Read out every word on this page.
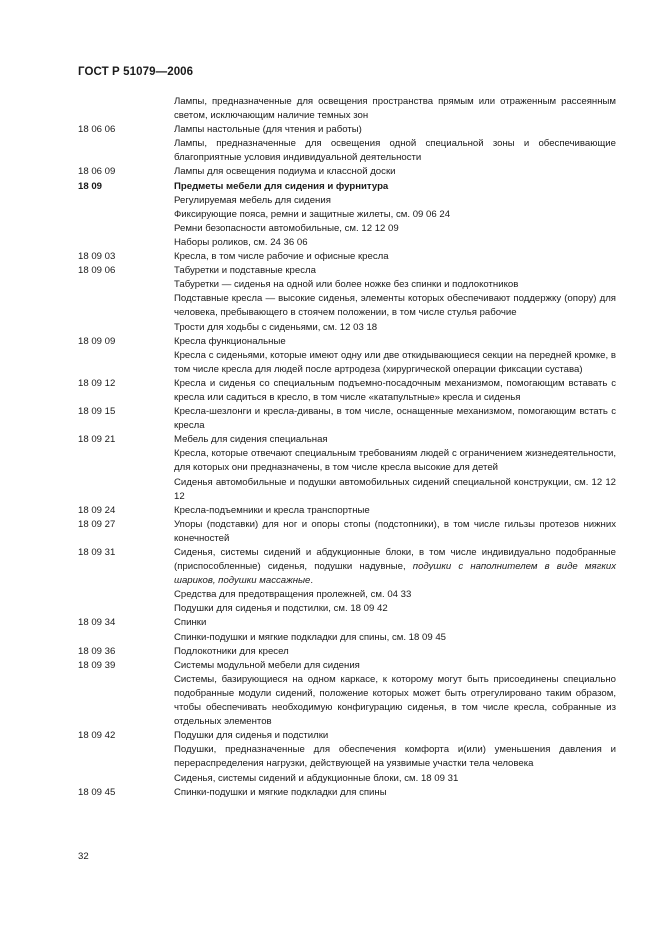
ГОСТ Р 51079—2006
Лампы, предназначенные для освещения пространства прямым или отраженным рассеянным светом, исключающим наличие темных зон
18 06 06	Лампы настольные (для чтения и работы)
Лампы, предназначенные для освещения одной специальной зоны и обеспечивающие благоприятные условия индивидуальной деятельности
18 06 09	Лампы для освещения подиума и классной доски
18 09	Предметы мебели для сидения и фурнитура
Регулируемая мебель для сидения
Фиксирующие пояса, ремни и защитные жилеты, см. 09 06 24
Ремни безопасности автомобильные, см. 12 12 09
Наборы роликов, см. 24 36 06
18 09 03	Кресла, в том числе рабочие и офисные кресла
18 09 06	Табуретки и подставные кресла
Табуретки — сиденья на одной или более ножке без спинки и подлокотников
Подставные кресла — высокие сиденья, элементы которых обеспечивают поддержку (опору) для человека, пребывающего в стоячем положении, в том числе стулья рабочие
Трости для ходьбы с сиденьями, см. 12 03 18
18 09 09	Кресла функциональные
Кресла с сиденьями, которые имеют одну или две откидывающиеся секции на передней кромке, в том числе кресла для людей после артродеза (хирургической операции фиксации сустава)
18 09 12	Кресла и сиденья со специальным подъемно-посадочным механизмом, помогающим вставать с кресла или садиться в кресло, в том числе «катапультные» кресла и сиденья
18 09 15	Кресла-шезлонги и кресла-диваны, в том числе, оснащенные механизмом, помогающим встать с кресла
18 09 21	Мебель для сидения специальная
Кресла, которые отвечают специальным требованиям людей с ограничением жизнедеятельности, для которых они предназначены, в том числе кресла высокие для детей
Сиденья автомобильные и подушки автомобильных сидений специальной конструкции, см. 12 12 12
18 09 24	Кресла-подъемники и кресла транспортные
18 09 27	Упоры (подставки) для ног и опоры стопы (подстопники), в том числе гильзы протезов нижних конечностей
18 09 31	Сиденья, системы сидений и абдукционные блоки, в том числе индивидуально подобранные (приспособленные) сиденья, подушки надувные, подушки с наполнителем в виде мягких шариков, подушки массажные.
Средства для предотвращения пролежней, см. 04 33
Подушки для сиденья и подстилки, см. 18 09 42
18 09 34	Спинки
Спинки-подушки и мягкие подкладки для спины, см. 18 09 45
18 09 36	Подлокотники для кресел
18 09 39	Системы модульной мебели для сидения
Системы, базирующиеся на одном каркасе, к которому могут быть присоединены специально подобранные модули сидений, положение которых может быть отрегулировано таким образом, чтобы обеспечивать необходимую конфигурацию сиденья, в том числе кресла, собранные из отдельных элементов
18 09 42	Подушки для сиденья и подстилки
Подушки, предназначенные для обеспечения комфорта и(или) уменьшения давления и перераспределения нагрузки, действующей на уязвимые участки тела человека
Сиденья, системы сидений и абдукционные блоки, см. 18 09 31
18 09 45	Спинки-подушки и мягкие подкладки для спины
32
